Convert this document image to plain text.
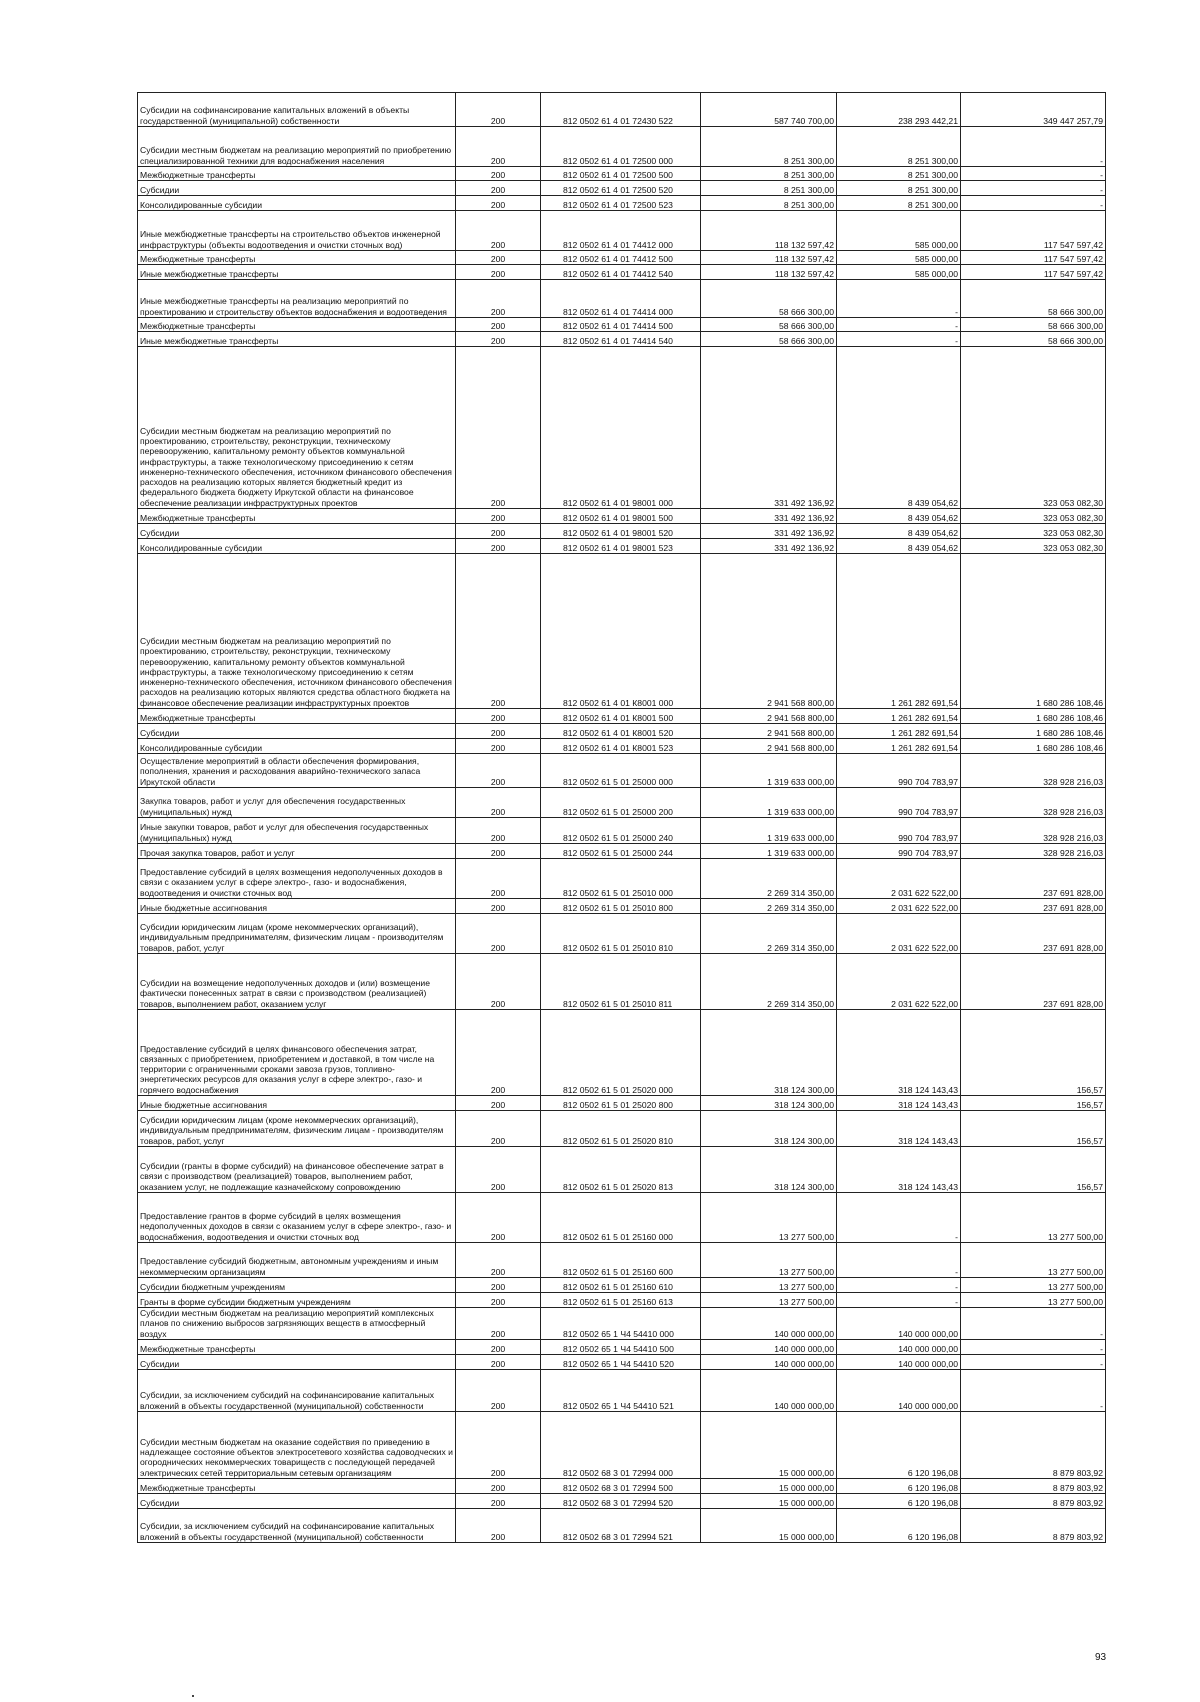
Субсидии на софинансирование капитальных вложений в объекты государственной (муниципальной) собственности	200	812 0502 61 4 01 72430 522	587 740 700,00	238 293 442,21	349 447 257,79
Субсидии местным бюджетам на реализацию мероприятий по приобретению специализированной техники для водоснабжения населения	200	812 0502 61 4 01 72500 000	8 251 300,00	8 251 300,00	-
Межбюджетные трансферты	200	812 0502 61 4 01 72500 500	8 251 300,00	8 251 300,00	-
Субсидии	200	812 0502 61 4 01 72500 520	8 251 300,00	8 251 300,00	-
Консолидированные субсидии	200	812 0502 61 4 01 72500 523	8 251 300,00	8 251 300,00	-
Иные межбюджетные трансферты на строительство объектов инженерной инфраструктуры (объекты водоотведения и очистки сточных вод)	200	812 0502 61 4 01 74412 000	118 132 597,42	585 000,00	117 547 597,42
Межбюджетные трансферты	200	812 0502 61 4 01 74412 500	118 132 597,42	585 000,00	117 547 597,42
Иные межбюджетные трансферты	200	812 0502 61 4 01 74412 540	118 132 597,42	585 000,00	117 547 597,42
Иные межбюджетные трансферты на реализацию мероприятий по проектированию и строительству объектов водоснабжения и водоотведения	200	812 0502 61 4 01 74414 000	58 666 300,00	-	58 666 300,00
Межбюджетные трансферты	200	812 0502 61 4 01 74414 500	58 666 300,00	-	58 666 300,00
Иные межбюджетные трансферты	200	812 0502 61 4 01 74414 540	58 666 300,00	-	58 666 300,00
Субсидии местным бюджетам на реализацию мероприятий по проектированию, строительству, реконструкции, техническому перевооружению, капитальному ремонту объектов коммунальной инфраструктуры, а также технологическому присоединению к сетям инженерно-технического обеспечения, источником финансового обеспечения расходов на реализацию которых является бюджетный кредит из федерального бюджета бюджету Иркутской области на финансовое обеспечение реализации инфраструктурных проектов	200	812 0502 61 4 01 98001 000	331 492 136,92	8 439 054,62	323 053 082,30
Межбюджетные трансферты	200	812 0502 61 4 01 98001 500	331 492 136,92	8 439 054,62	323 053 082,30
Субсидии	200	812 0502 61 4 01 98001 520	331 492 136,92	8 439 054,62	323 053 082,30
Консолидированные субсидии	200	812 0502 61 4 01 98001 523	331 492 136,92	8 439 054,62	323 053 082,30
Субсидии местным бюджетам на реализацию мероприятий по проектированию, строительству, реконструкции, техническому перевооружению, капитальному ремонту объектов коммунальной инфраструктуры, а также технологическому присоединению к сетям инженерно-технического обеспечения, источником финансового обеспечения расходов на реализацию которых являются средства областного бюджета на финансовое обеспечение реализации инфраструктурных проектов	200	812 0502 61 4 01 К8001 000	2 941 568 800,00	1 261 282 691,54	1 680 286 108,46
Межбюджетные трансферты	200	812 0502 61 4 01 К8001 500	2 941 568 800,00	1 261 282 691,54	1 680 286 108,46
Субсидии	200	812 0502 61 4 01 К8001 520	2 941 568 800,00	1 261 282 691,54	1 680 286 108,46
Консолидированные субсидии	200	812 0502 61 4 01 К8001 523	2 941 568 800,00	1 261 282 691,54	1 680 286 108,46
Осуществление мероприятий в области обеспечения формирования, пополнения, хранения и расходования аварийно-технического запаса Иркутской области	200	812 0502 61 5 01 25000 000	1 319 633 000,00	990 704 783,97	328 928 216,03
Закупка товаров, работ и услуг для обеспечения государственных (муниципальных) нужд	200	812 0502 61 5 01 25000 200	1 319 633 000,00	990 704 783,97	328 928 216,03
Иные закупки товаров, работ и услуг для обеспечения государственных (муниципальных) нужд	200	812 0502 61 5 01 25000 240	1 319 633 000,00	990 704 783,97	328 928 216,03
Прочая закупка товаров, работ и услуг	200	812 0502 61 5 01 25000 244	1 319 633 000,00	990 704 783,97	328 928 216,03
Предоставление субсидий в целях возмещения недополученных доходов в связи с оказанием услуг в сфере электро-, газо- и водоснабжения, водоотведения и очистки сточных вод	200	812 0502 61 5 01 25010 000	2 269 314 350,00	2 031 622 522,00	237 691 828,00
Иные бюджетные ассигнования	200	812 0502 61 5 01 25010 800	2 269 314 350,00	2 031 622 522,00	237 691 828,00
Субсидии юридическим лицам (кроме некоммерческих организаций), индивидуальным предпринимателям, физическим лицам - производителям товаров, работ, услуг	200	812 0502 61 5 01 25010 810	2 269 314 350,00	2 031 622 522,00	237 691 828,00
Субсидии на возмещение недополученных доходов и (или) возмещение фактически понесенных затрат в связи с производством (реализацией) товаров, выполнением работ, оказанием услуг	200	812 0502 61 5 01 25010 811	2 269 314 350,00	2 031 622 522,00	237 691 828,00
Предоставление субсидий в целях финансового обеспечения затрат, связанных с приобретением, приобретением и доставкой, в том числе на территории с ограниченными сроками завоза грузов, топливно-энергетических ресурсов для оказания услуг в сфере электро-, газо- и горячего водоснабжения	200	812 0502 61 5 01 25020 000	318 124 300,00	318 124 143,43	156,57
Иные бюджетные ассигнования	200	812 0502 61 5 01 25020 800	318 124 300,00	318 124 143,43	156,57
Субсидии юридическим лицам (кроме некоммерческих организаций), индивидуальным предпринимателям, физическим лицам - производителям товаров, работ, услуг	200	812 0502 61 5 01 25020 810	318 124 300,00	318 124 143,43	156,57
Субсидии (гранты в форме субсидий) на финансовое обеспечение затрат в связи с производством (реализацией) товаров, выполнением работ, оказанием услуг, не подлежащие казначейскому сопровождению	200	812 0502 61 5 01 25020 813	318 124 300,00	318 124 143,43	156,57
Предоставление грантов в форме субсидий в целях возмещения недополученных доходов в связи с оказанием услуг в сфере электро-, газо- и водоснабжения, водоотведения и очистки сточных вод	200	812 0502 61 5 01 25160 000	13 277 500,00	-	13 277 500,00
Предоставление субсидий бюджетным, автономным учреждениям и иным некоммерческим организациям	200	812 0502 61 5 01 25160 600	13 277 500,00	-	13 277 500,00
Субсидии бюджетным учреждениям	200	812 0502 61 5 01 25160 610	13 277 500,00	-	13 277 500,00
Гранты в форме субсидии бюджетным учреждениям	200	812 0502 61 5 01 25160 613	13 277 500,00	-	13 277 500,00
Субсидии местным бюджетам на реализацию мероприятий комплексных планов по снижению выбросов загрязняющих веществ в атмосферный воздух	200	812 0502 65 1 Ч4 54410 000	140 000 000,00	140 000 000,00	-
Межбюджетные трансферты	200	812 0502 65 1 Ч4 54410 500	140 000 000,00	140 000 000,00	-
Субсидии	200	812 0502 65 1 Ч4 54410 520	140 000 000,00	140 000 000,00	-
Субсидии, за исключением субсидий на софинансирование капитальных вложений в объекты государственной (муниципальной) собственности	200	812 0502 65 1 Ч4 54410 521	140 000 000,00	140 000 000,00	-
Субсидии местным бюджетам на оказание содействия по приведению в надлежащее состояние объектов электросетевого хозяйства садоводческих и огороднических некоммерческих товариществ с последующей передачей электрических сетей территориальным сетевым организациям	200	812 0502 68 3 01 72994 000	15 000 000,00	6 120 196,08	8 879 803,92
Межбюджетные трансферты	200	812 0502 68 3 01 72994 500	15 000 000,00	6 120 196,08	8 879 803,92
Субсидии	200	812 0502 68 3 01 72994 520	15 000 000,00	6 120 196,08	8 879 803,92
Субсидии, за исключением субсидий на софинансирование капитальных вложений в объекты государственной (муниципальной) собственности	200	812 0502 68 3 01 72994 521	15 000 000,00	6 120 196,08	8 879 803,92
93
